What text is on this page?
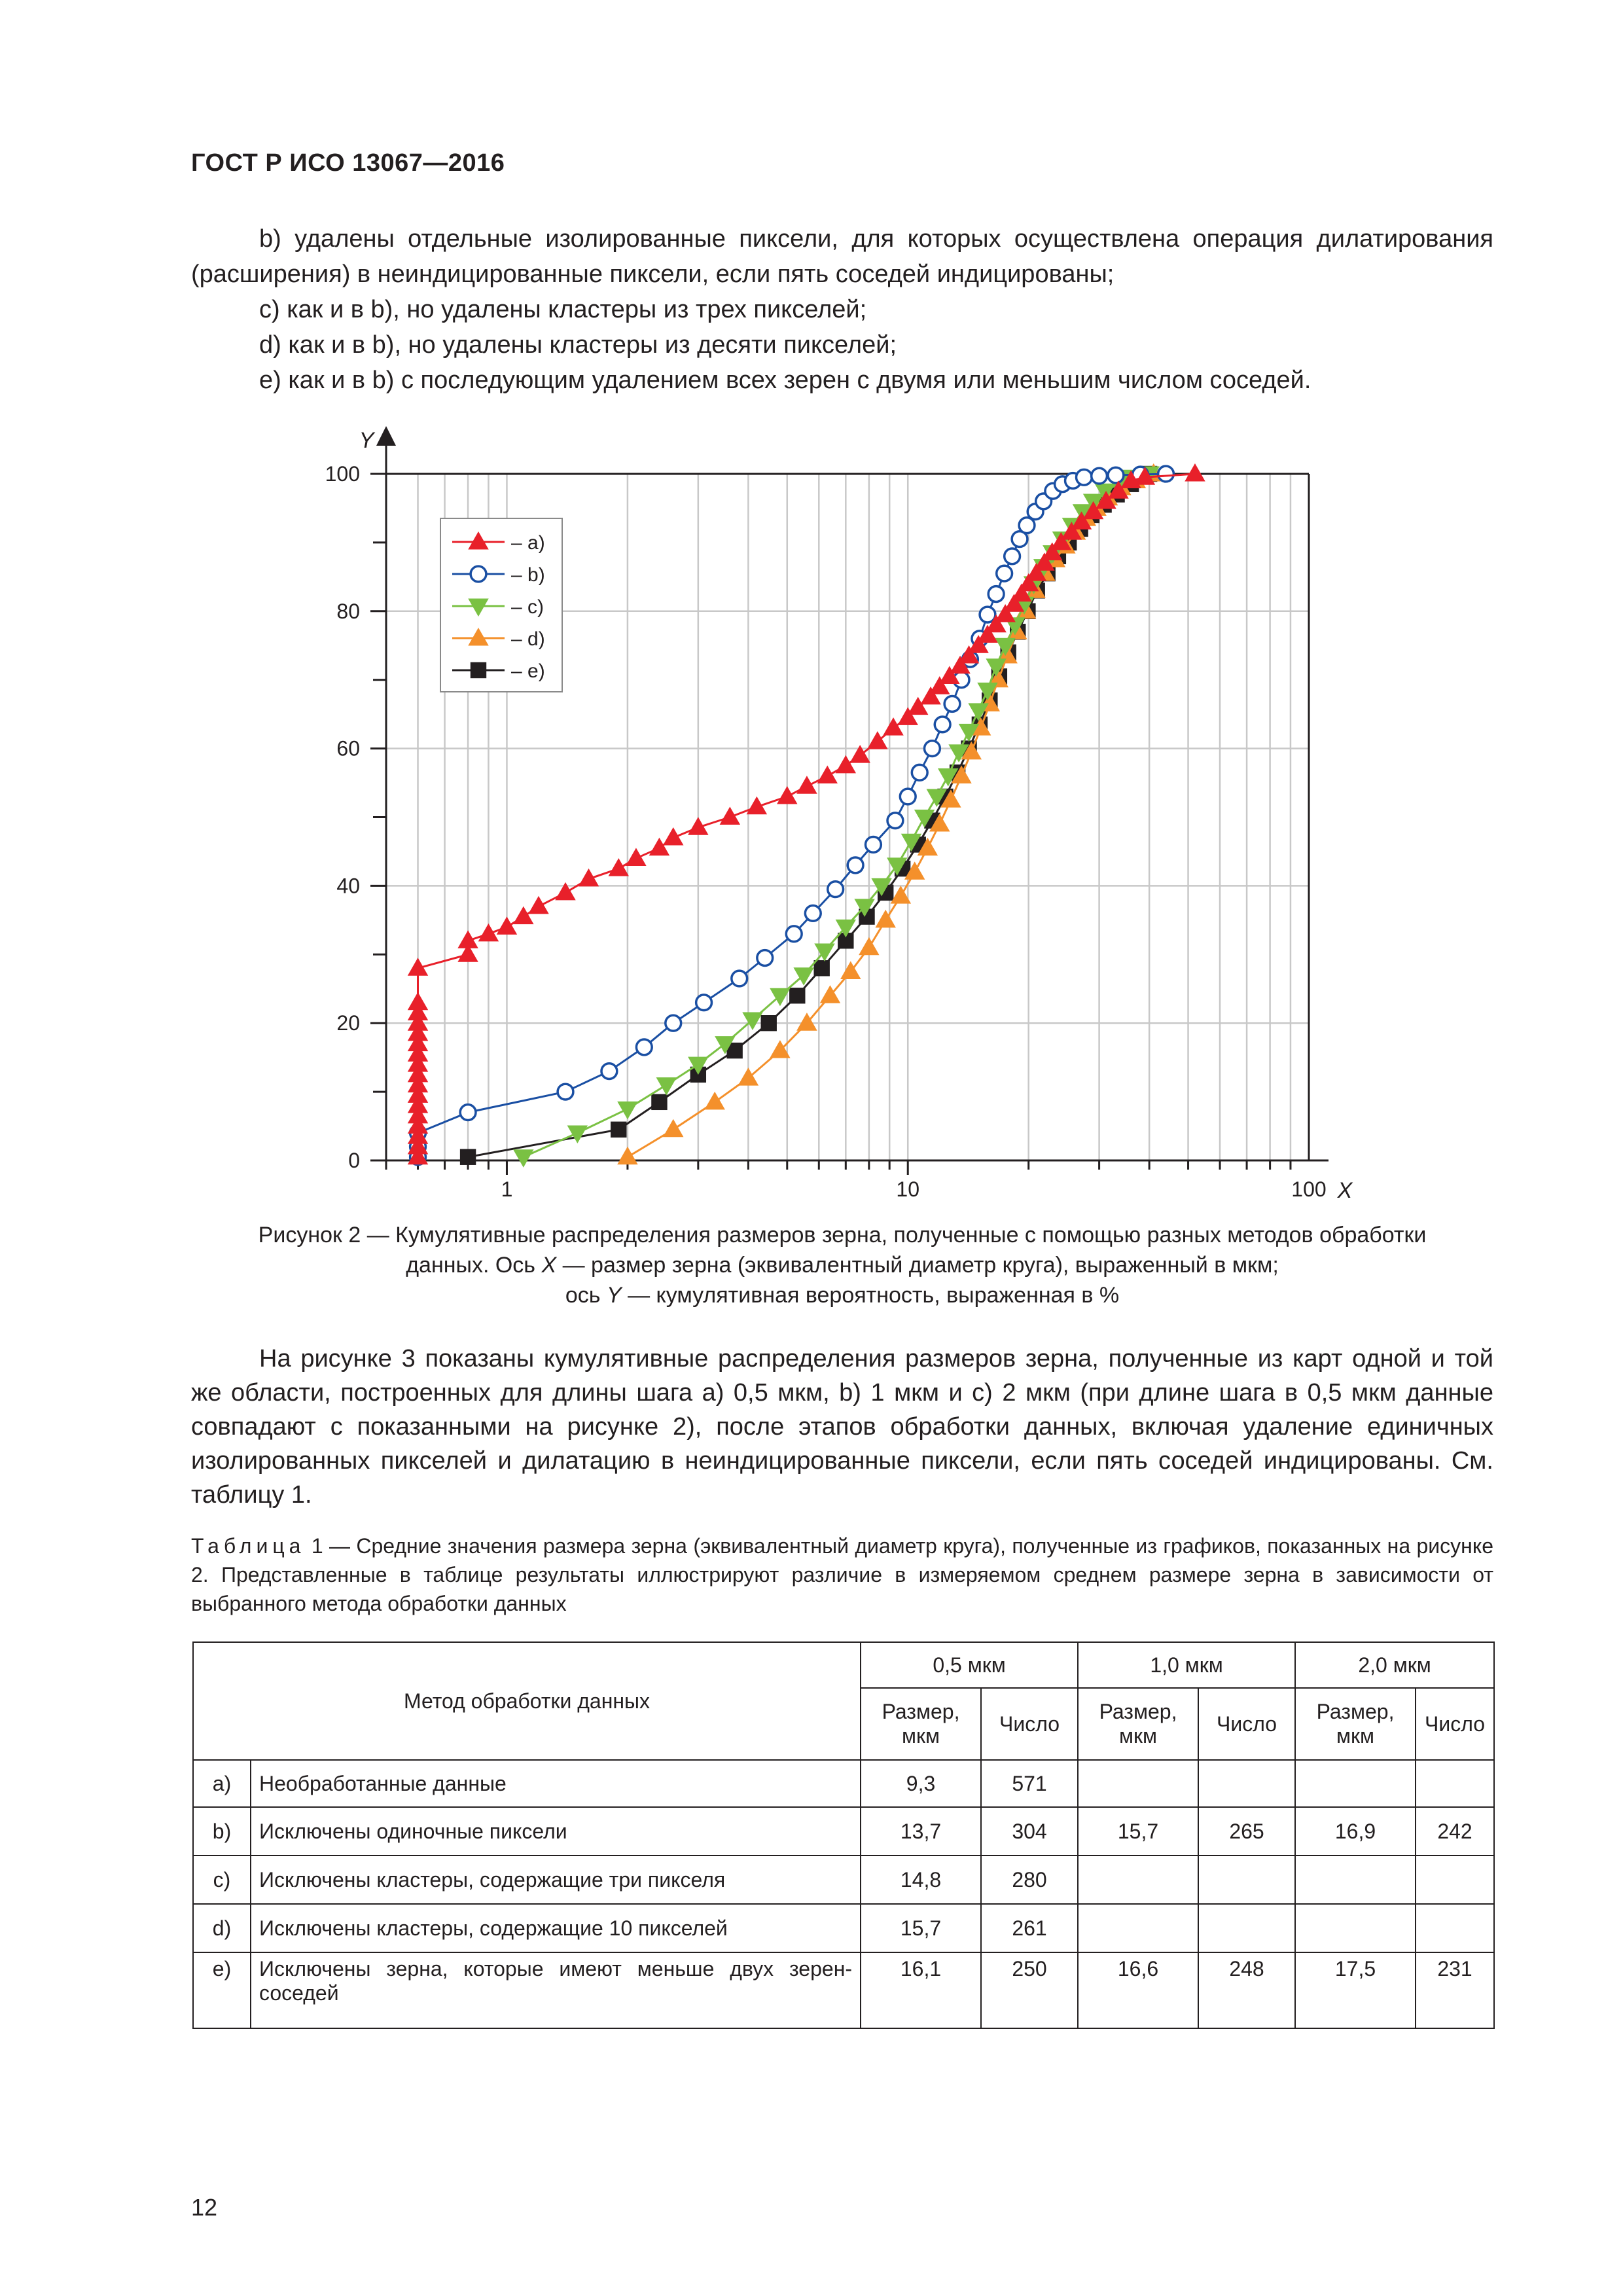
ГОСТ Р ИСО 13067—2016

b) удалены отдельные изолированные пиксели, для которых осуществлена операция дилатирования (расширения) в неиндицированные пиксели, если пять соседей индицированы;

c) как и в b), но удалены кластеры из трех пикселей;

d) как и в b), но удалены кластеры из десяти пикселей;

e) как и в b) с последующим удалением всех зерен с двумя или меньшим числом соседей.

0
20
40
60
80
100
1	10	100 X
Y
– a)
– b)
– c)
– d)
– e)
Рисунок 2 — Кумулятивные распределения размеров зерна, полученные с помощью разных методов обработки
данных. Ось X — размер зерна (эквивалентный диаметр круга), выраженный в мкм;
ось Y — кумулятивная вероятность, выраженная в %

На рисунке 3 показаны кумулятивные распределения размеров зерна, полученные из карт одной и той же области, построенных для длины шага a) 0,5 мкм, b) 1 мкм и c) 2 мкм (при длине шага в 0,5 мкм данные совпадают с показанными на рисунке 2), после этапов обработки данных, включая удаление единичных изолированных пикселей и дилатацию в неиндицированные пиксели, если пять соседей индицированы. См. таблицу 1.

Таблица 1 — Средние значения размера зерна (эквивалентный диаметр круга), полученные из графиков, показанных на рисунке 2. Представленные в таблице результаты иллюстрируют различие в измеряемом среднем размере зерна в зависимости от выбранного метода обработки данных
Метод обработки данных		0,5 мкм		1,0 мкм		2,0 мкм	
		Размер, мкм	Число	Размер, мкм	Число	Размер, мкм	Число
a)	Необработанные данные	9,3	571				
b)	Исключены одиночные пиксели	13,7	304	15,7	265	16,9	242
c)	Исключены кластеры, содержащие три пикселя	14,8	280				
d)	Исключены кластеры, содержащие 10 пикселей	15,7	261				
e)	Исключены зерна, которые имеют меньше двух зерен-соседей	16,1	250	16,6	248	17,5	231
12
